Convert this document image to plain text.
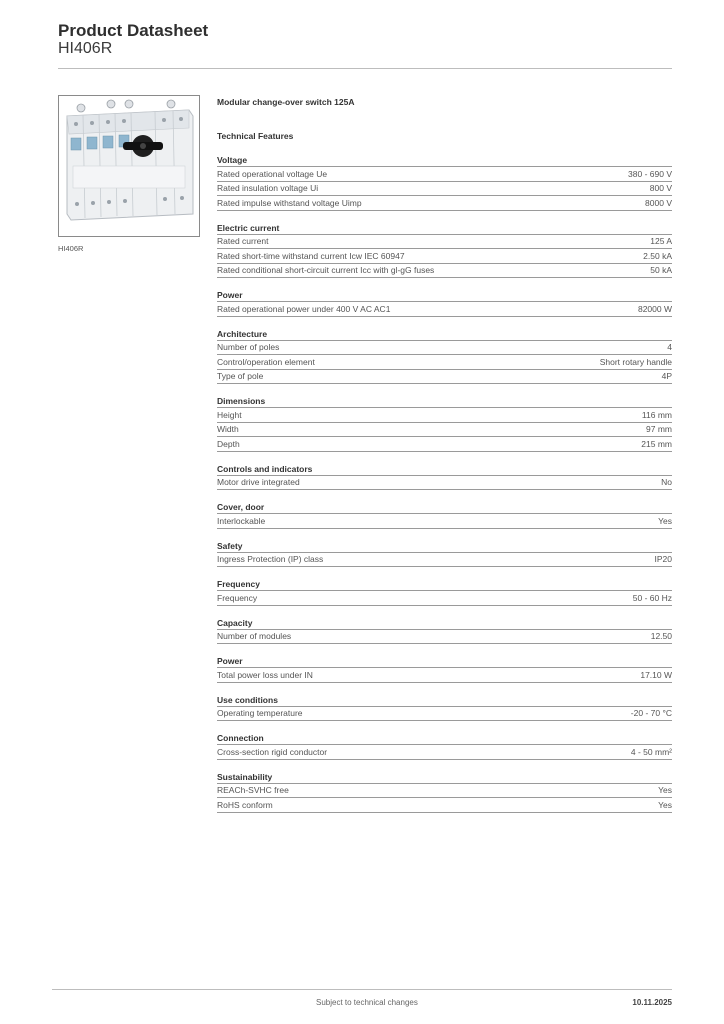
Product Datasheet
HI406R
HI406R
Modular change-over switch 125A
Technical Features
Voltage
Rated operational voltage Ue	380 - 690 V
Rated insulation voltage Ui	800 V
Rated impulse withstand voltage Uimp	8000 V
Electric current
Rated current	125 A
Rated short-time withstand current Icw IEC 60947	2.50 kA
Rated conditional short-circuit current Icc with gl-gG fuses	50 kA
Power
Rated operational power under 400 V AC AC1	82000 W
Architecture
Number of poles	4
Control/operation element	Short rotary handle
Type of pole	4P
Dimensions
Height	116 mm
Width	97 mm
Depth	215 mm
Controls and indicators
Motor drive integrated	No
Cover, door
Interlockable	Yes
Safety
Ingress Protection (IP) class	IP20
Frequency
Frequency	50 - 60 Hz
Capacity
Number of modules	12.50
Power
Total power loss under IN	17.10 W
Use conditions
Operating temperature	-20 - 70 °C
Connection
Cross-section rigid conductor	4 - 50 mm²
Sustainability
REACh-SVHC free	Yes
RoHS conform	Yes
Subject to technical changes	10.11.2025
